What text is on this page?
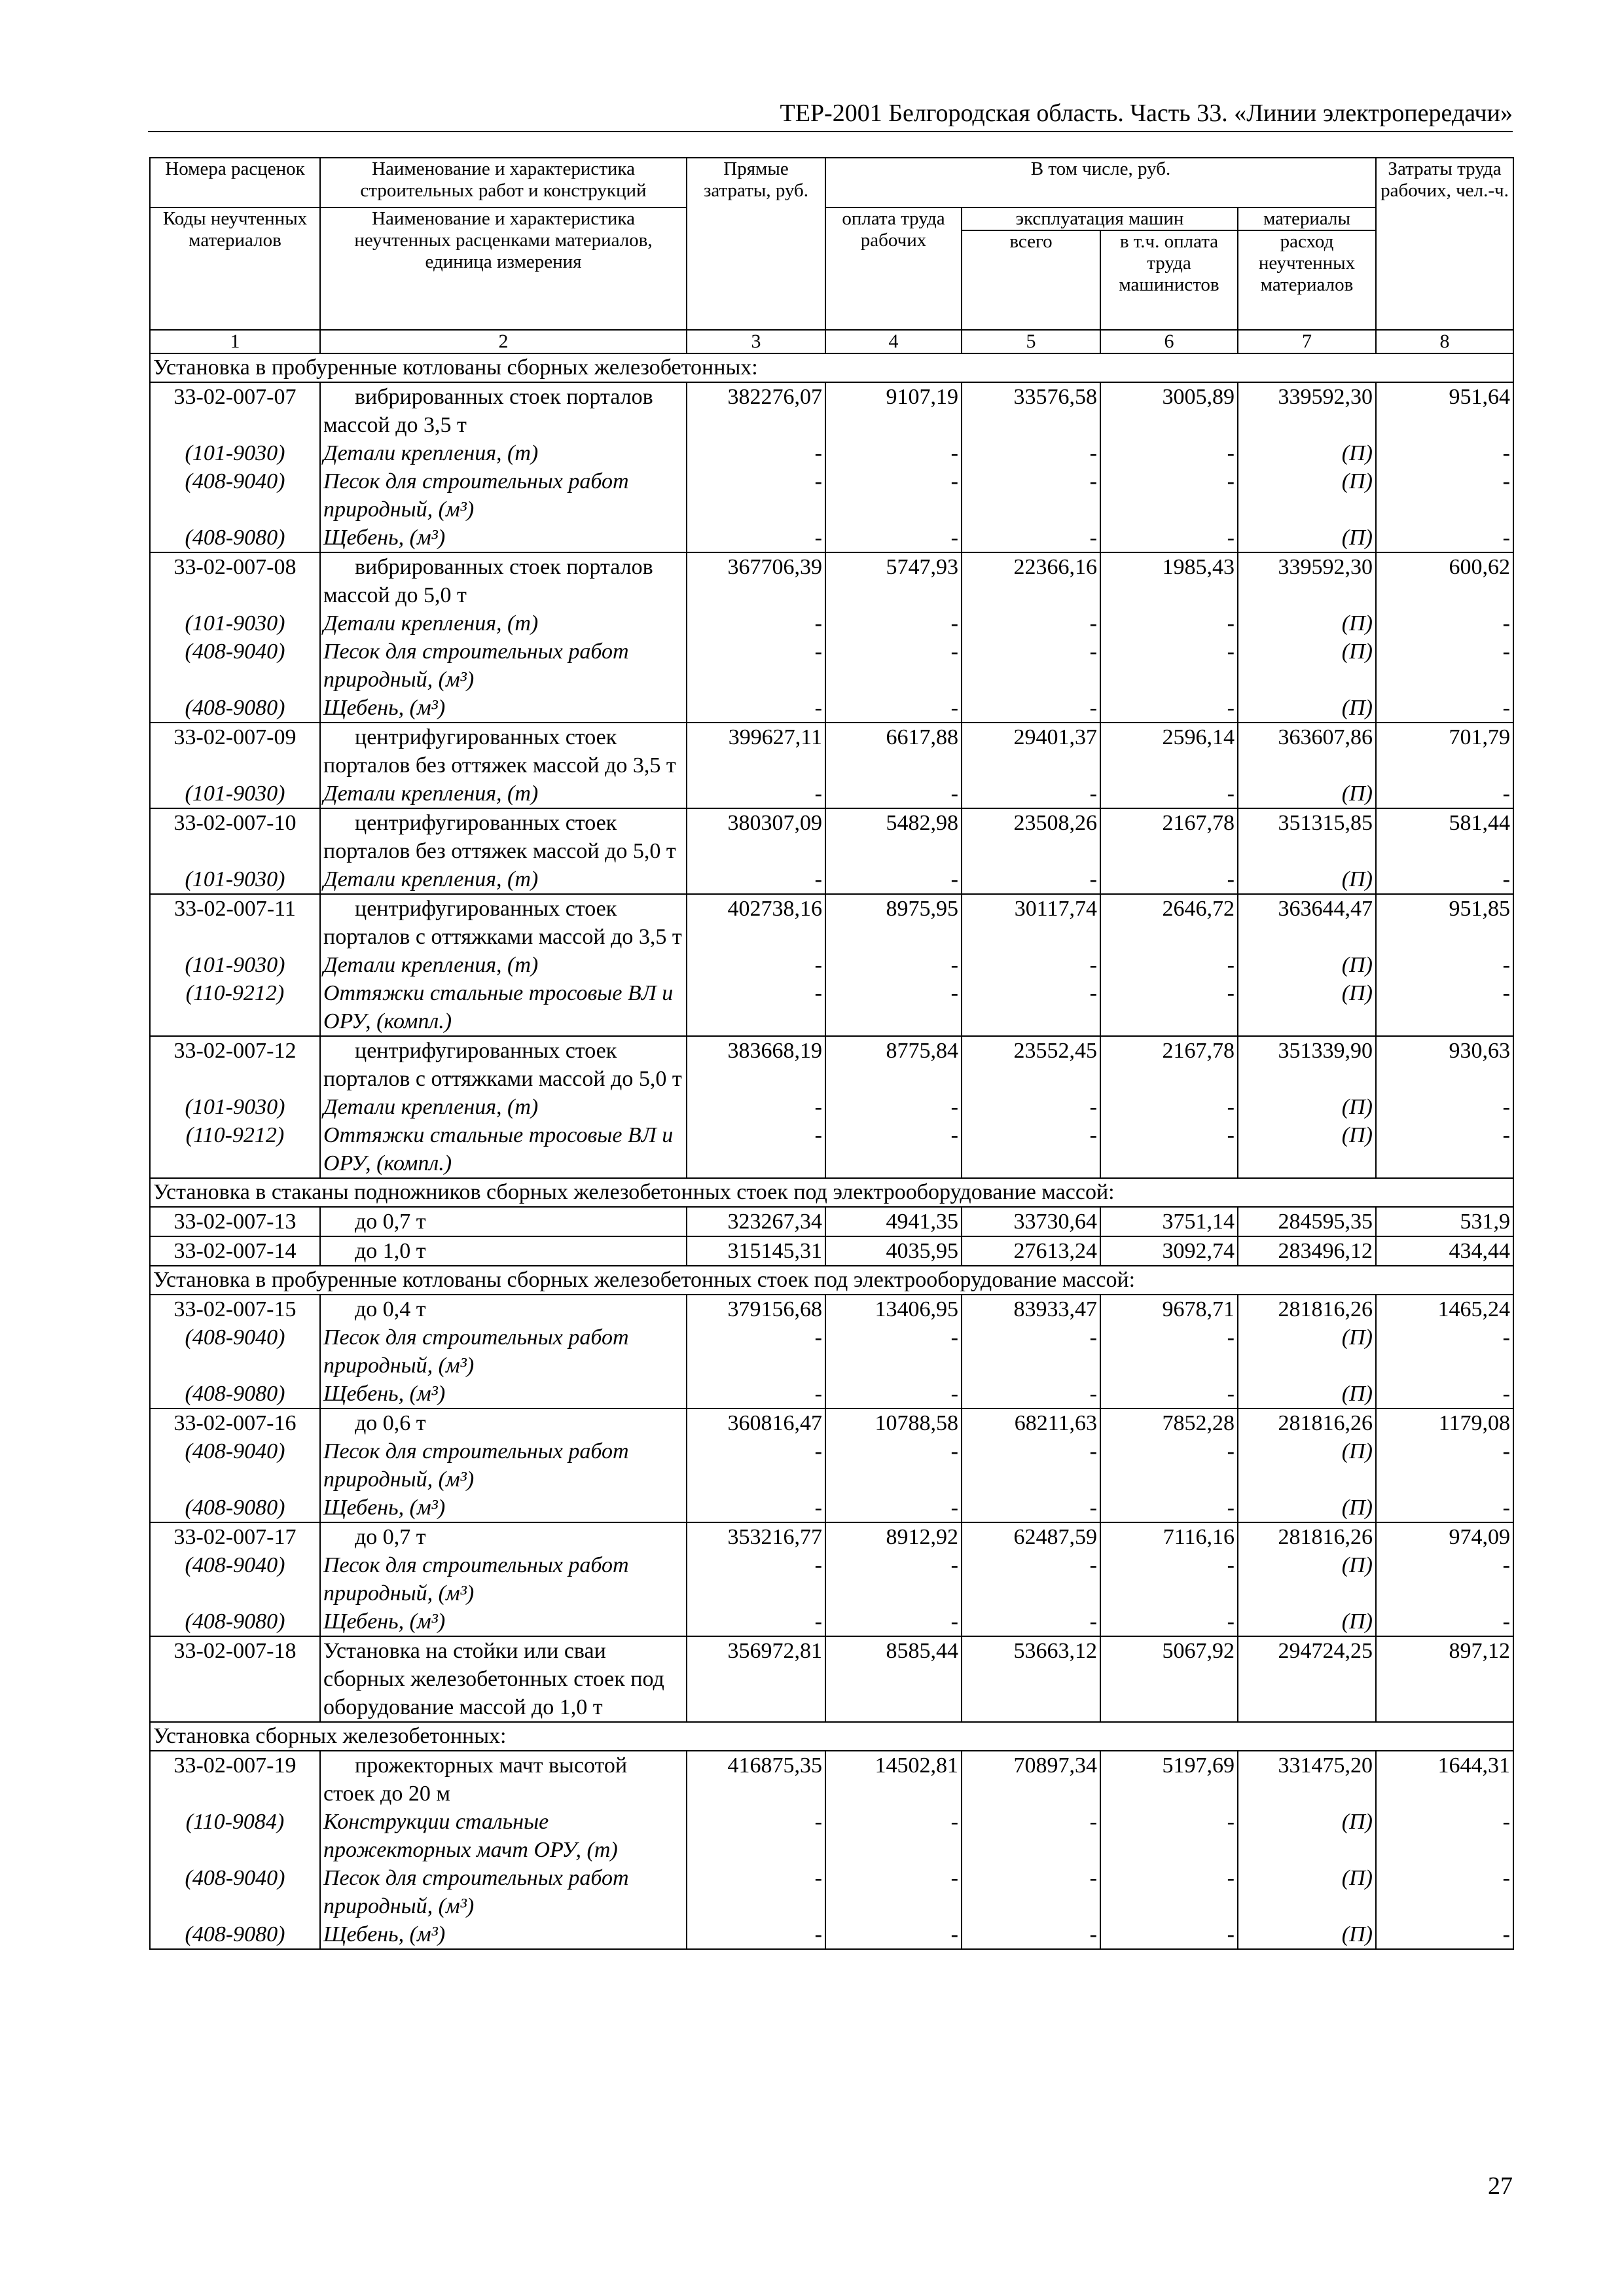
ТЕР-2001 Белгородская область. Часть 33. «Линии электропередачи»
Номера расценок	Наименование и характеристика строительных работ и конструкций	Прямые затраты, руб.	В том числе, руб.				Затраты труда рабочих, чел.-ч.
Коды неучтенных материалов	Наименование и характеристика неучтенных расценками материалов, единица измерения		оплата труда рабочих	эксплуатация машин		материалы	
				всего	в т.ч. оплата труда машинистов	расход неучтенных материалов	
1	2	3	4	5	6	7	8
Установка в пробуренные котлованы сборных железобетонных:							
33-02-007-07	вибрированных стоек порталов массой до 3,5 т	382276,07	9107,19	33576,58	3005,89	339592,30	951,64
(101-9030)	Детали крепления, (т)	-	-	-	-	(П)	-
(408-9040)	Песок для строительных работ природный, (м³)	-	-	-	-	(П)	-
(408-9080)	Щебень, (м³)	-	-	-	-	(П)	-
33-02-007-08	вибрированных стоек порталов массой до 5,0 т	367706,39	5747,93	22366,16	1985,43	339592,30	600,62
(101-9030)	Детали крепления, (т)	-	-	-	-	(П)	-
(408-9040)	Песок для строительных работ природный, (м³)	-	-	-	-	(П)	-
(408-9080)	Щебень, (м³)	-	-	-	-	(П)	-
33-02-007-09	центрифугированных стоек порталов без оттяжек массой до 3,5 т	399627,11	6617,88	29401,37	2596,14	363607,86	701,79
(101-9030)	Детали крепления, (т)	-	-	-	-	(П)	-
33-02-007-10	центрифугированных стоек порталов без оттяжек массой до 5,0 т	380307,09	5482,98	23508,26	2167,78	351315,85	581,44
(101-9030)	Детали крепления, (т)	-	-	-	-	(П)	-
33-02-007-11	центрифугированных стоек порталов с оттяжками массой до 3,5 т	402738,16	8975,95	30117,74	2646,72	363644,47	951,85
(101-9030)	Детали крепления, (т)	-	-	-	-	(П)	-
(110-9212)	Оттяжки стальные тросовые ВЛ и ОРУ, (компл.)	-	-	-	-	(П)	-
33-02-007-12	центрифугированных стоек порталов с оттяжками массой до 5,0 т	383668,19	8775,84	23552,45	2167,78	351339,90	930,63
(101-9030)	Детали крепления, (т)	-	-	-	-	(П)	-
(110-9212)	Оттяжки стальные тросовые ВЛ и ОРУ, (компл.)	-	-	-	-	(П)	-
Установка в стаканы подножников сборных железобетонных стоек под электрооборудование массой:							
33-02-007-13	до 0,7 т	323267,34	4941,35	33730,64	3751,14	284595,35	531,9
33-02-007-14	до 1,0 т	315145,31	4035,95	27613,24	3092,74	283496,12	434,44
Установка в пробуренные котлованы сборных железобетонных стоек под электрооборудование массой:							
33-02-007-15	до 0,4 т	379156,68	13406,95	83933,47	9678,71	281816,26	1465,24
(408-9040)	Песок для строительных работ природный, (м³)	-	-	-	-	(П)	-
(408-9080)	Щебень, (м³)	-	-	-	-	(П)	-
33-02-007-16	до 0,6 т	360816,47	10788,58	68211,63	7852,28	281816,26	1179,08
(408-9040)	Песок для строительных работ природный, (м³)	-	-	-	-	(П)	-
(408-9080)	Щебень, (м³)	-	-	-	-	(П)	-
33-02-007-17	до 0,7 т	353216,77	8912,92	62487,59	7116,16	281816,26	974,09
(408-9040)	Песок для строительных работ природный, (м³)	-	-	-	-	(П)	-
(408-9080)	Щебень, (м³)	-	-	-	-	(П)	-
33-02-007-18	Установка на стойки или сваи сборных железобетонных стоек под оборудование массой до 1,0 т	356972,81	8585,44	53663,12	5067,92	294724,25	897,12
Установка сборных железобетонных:							
33-02-007-19	прожекторных мачт высотой стоек до 20 м	416875,35	14502,81	70897,34	5197,69	331475,20	1644,31
(110-9084)	Конструкции стальные прожекторных мачт ОРУ, (т)	-	-	-	-	(П)	-
(408-9040)	Песок для строительных работ природный, (м³)	-	-	-	-	(П)	-
(408-9080)	Щебень, (м³)	-	-	-	-	(П)	-
27
